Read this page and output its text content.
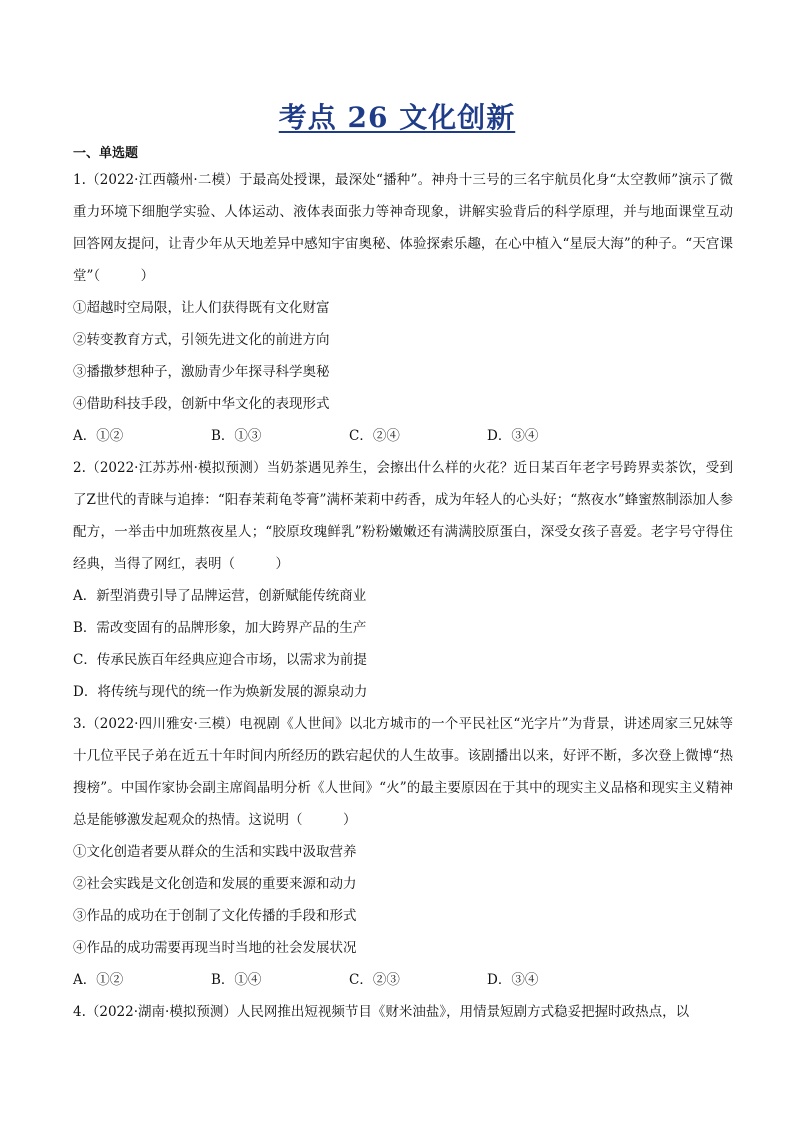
考点 26 文化创新
一、单选题

1.（2022·江西赣州·二模）于最高处授课，最深处“播种”。神舟十三号的三名宇航员化身“太空教师”演示了微重力环境下细胞学实验、人体运动、液体表面张力等神奇现象，讲解实验背后的科学原理，并与地面课堂互动回答网友提问，让青少年从天地差异中感知宇宙奥秘、体验探索乐趣，在心中植入“星辰大海”的种子。“天宫课堂”（　　　）

①超越时空局限，让人们获得既有文化财富

②转变教育方式，引领先进文化的前进方向

③播撒梦想种子，激励青少年探寻科学奥秘

④借助科技手段，创新中华文化的表现形式

A．①②	B．①③	C．②④	D．③④

2.（2022·江苏苏州·模拟预测）当奶茶遇见养生，会擦出什么样的火花？近日某百年老字号跨界卖茶饮，受到了Z世代的青睐与追捧：“阳春茉莉龟苓膏”满杯茉莉中药香，成为年轻人的心头好；“熬夜水”蜂蜜熬制添加人参配方，一举击中加班熬夜星人；“胶原玫瑰鲜乳”粉粉嫩嫩还有满满胶原蛋白，深受女孩子喜爱。老字号守得住经典，当得了网红，表明（　　　）

A．新型消费引导了品牌运营，创新赋能传统商业

B．需改变固有的品牌形象，加大跨界产品的生产

C．传承民族百年经典应迎合市场，以需求为前提

D．将传统与现代的统一作为焕新发展的源泉动力

3.（2022·四川雅安·三模）电视剧《人世间》以北方城市的一个平民社区“光字片”为背景，讲述周家三兄妹等十几位平民子弟在近五十年时间内所经历的跌宕起伏的人生故事。该剧播出以来，好评不断，多次登上微博“热搜榜”。中国作家协会副主席阎晶明分析《人世间》“火”的最主要原因在于其中的现实主义品格和现实主义精神总是能够激发起观众的热情。这说明（　　　）

①文化创造者要从群众的生活和实践中汲取营养

②社会实践是文化创造和发展的重要来源和动力

③作品的成功在于创制了文化传播的手段和形式

④作品的成功需要再现当时当地的社会发展状况

A．①②	B．①④	C．②③	D．③④

4.（2022·湖南·模拟预测）人民网推出短视频节目《财米油盐》，用情景短剧方式稳妥把握时政热点，以
